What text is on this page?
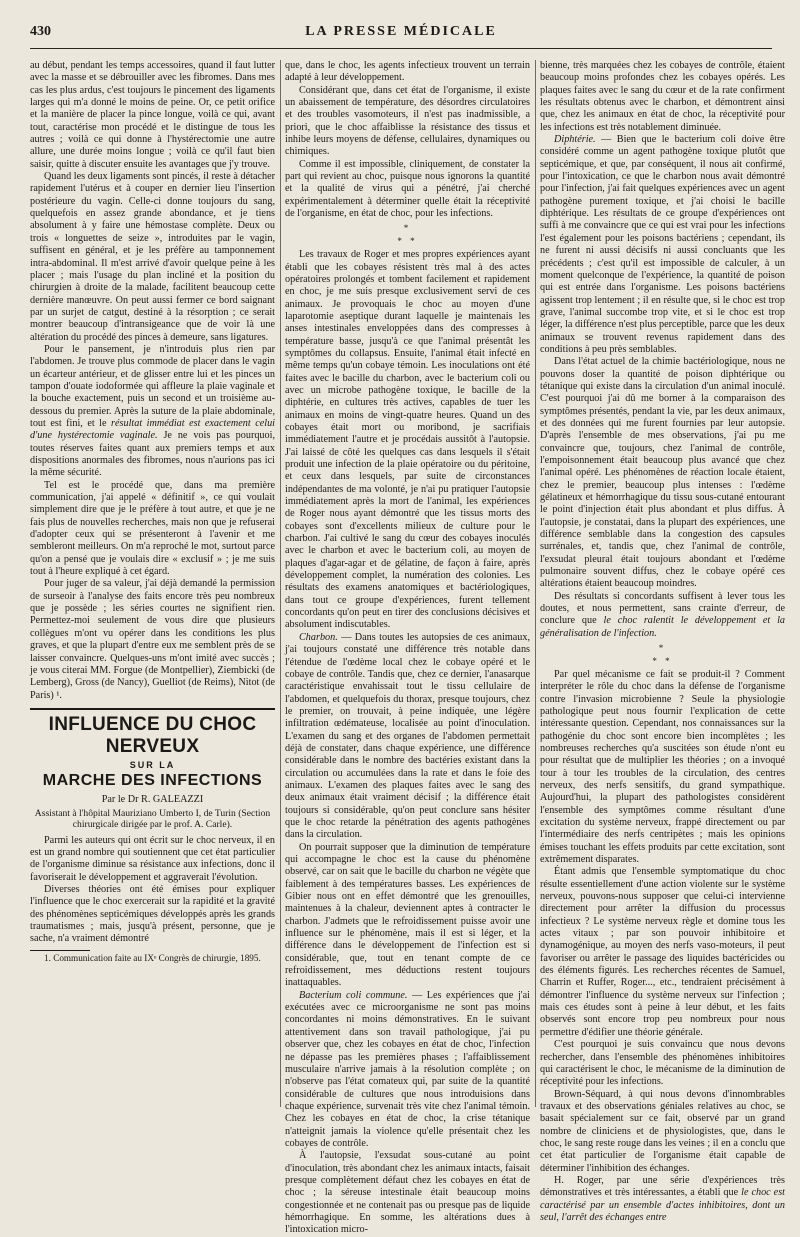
430	LA PRESSE MÉDICALE

au début, pendant les temps accessoires, quand il faut lutter avec la masse et se débrouiller avec les fibromes. Dans mes cas les plus ardus, c'est toujours le pincement des ligaments larges qui m'a donné le moins de peine. Or, ce petit orifice et la manière de placer la pince longue, voilà ce qui, avant tout, caractérise mon procédé et le distingue de tous les autres ; voilà ce qui donne à l'hystérectomie une autre allure, une durée moins longue ; voilà ce qu'il faut bien saisir, quitte à discuter ensuite les avantages que j'y trouve.

Quand les deux ligaments sont pincés, il reste à détacher rapidement l'utérus et à couper en dernier lieu l'insertion postérieure du vagin. Celle-ci donne toujours du sang, quelquefois en assez grande abondance, et je tiens absolument à y faire une hémostase complète. Deux ou trois « longuettes de seize », introduites par le vagin, suffisent en général, et je les préfère au tamponnement intra-abdominal. Il m'est arrivé d'avoir quelque peine à les placer ; mais l'usage du plan incliné et la position du chirurgien à droite de la malade, facilitent beaucoup cette dernière manœuvre. On peut aussi fermer ce bord saignant par un surjet de catgut, destiné à la résorption ; ce serait montrer beaucoup d'intransigeance que de voir là une altération du procédé des pinces à demeure, sans ligatures.

Pour le pansement, je n'introduis plus rien par l'abdomen. Je trouve plus commode de placer dans le vagin un écarteur antérieur, et de glisser entre lui et les pinces un tampon d'ouate iodoformée qui affleure la plaie vaginale et la bouche exactement, puis un second et un troisième au-dessous du premier. Après la suture de la plaie abdominale, tout est fini, et le résultat immédiat est exactement celui d'une hystérectomie vaginale. Je ne vois pas pourquoi, toutes réserves faites quant aux premiers temps et aux dispositions anormales des fibromes, nous n'aurions pas ici la même sécurité.

Tel est le procédé que, dans ma première communication, j'ai appelé « définitif », ce qui voulait simplement dire que je le préfère à tout autre, et que je ne fais plus de nouvelles recherches, mais non que je refuserai d'adopter ceux qui se présenteront à l'avenir et me sembleront meilleurs. On m'a reproché le mot, surtout parce qu'on a pensé que je voulais dire « exclusif » ; je me suis tout à l'heure expliqué à cet égard.

Pour juger de sa valeur, j'ai déjà demandé la permission de surseoir à l'analyse des faits encore très peu nombreux que je possède ; les séries courtes ne signifient rien. Permettez-moi seulement de vous dire que plusieurs collègues m'ont vu opérer dans les conditions les plus graves, et que la plupart d'entre eux me semblent près de se laisser convaincre. Quelques-uns m'ont imité avec succès ; je vous citerai MM. Forgue (de Montpellier), Ziembicki (de Lemberg), Gross (de Nancy), Guelliot (de Reims), Nitot (de Paris) ¹.

INFLUENCE DU CHOC NERVEUX
SUR LA
MARCHE DES INFECTIONS
Par le Dr R. GALEAZZI
Assistant à l'hôpital Mauriziano Umberto I, de Turin (Section chirurgicale dirigée par le prof. A. Carle).

Parmi les auteurs qui ont écrit sur le choc nerveux, il en est un grand nombre qui soutiennent que cet état particulier de l'organisme diminue sa résistance aux infections, donc il favoriserait le développement et aggraverait l'évolution.

Diverses théories ont été émises pour expliquer l'influence que le choc exercerait sur la rapidité et la gravité des phénomènes septicémiques développés après les grands traumatismes ; mais, jusqu'à présent, personne, que je sache, n'a vraiment démontré

1. Communication faite au IXᵉ Congrès de chirurgie, 1895.

que, dans le choc, les agents infectieux trouvent un terrain adapté à leur développement.

Considérant que, dans cet état de l'organisme, il existe un abaissement de température, des désordres circulatoires et des troubles vasomoteurs, il n'est pas inadmissible, a priori, que le choc affaiblisse la résistance des tissus et inhibe leurs moyens de défense, cellulaires, dynamiques ou chimiques.

Comme il est impossible, cliniquement, de constater la part qui revient au choc, puisque nous ignorons la quantité et la qualité de virus qui a pénétré, j'ai cherché expérimentalement à déterminer quelle était la réceptivité de l'organisme, en état de choc, pour les infections.

*
* *

Les travaux de Roger et mes propres expériences ayant établi que les cobayes résistent très mal à des actes opératoires prolongés et tombent facilement et rapidement en choc, je me suis presque exclusivement servi de ces animaux. Je provoquais le choc au moyen d'une laparotomie aseptique durant laquelle je maintenais les anses intestinales enveloppées dans des compresses à température basse, jusqu'à ce que l'animal présentât les symptômes du collapsus. Ensuite, l'animal était infecté en même temps qu'un cobaye témoin. Les inoculations ont été faites avec le bacille du charbon, avec le bacterium coli ou avec un microbe pathogène toxique, le bacille de la diphtérie, en cultures très actives, capables de tuer les animaux en moins de vingt-quatre heures. Quand un des cobayes était mort ou moribond, je sacrifiais immédiatement l'autre et je procédais aussitôt à l'autopsie. J'ai laissé de côté les quelques cas dans lesquels il s'était produit une infection de la plaie opératoire ou du péritoine, et ceux dans lesquels, par suite de circonstances indépendantes de ma volonté, je n'ai pu pratiquer l'autopsie immédiatement après la mort de l'animal, les expériences de Roger nous ayant démontré que les tissus morts des cobayes sont d'excellents milieux de culture pour le charbon. J'ai cultivé le sang du cœur des cobayes inoculés avec le charbon et avec le bacterium coli, au moyen de plaques d'agar-agar et de gélatine, de façon à faire, après développement complet, la numération des colonies. Les résultats des examens anatomiques et bactériologiques, dans tout ce groupe d'expériences, furent tellement concordants qu'on peut en tirer des conclusions décisives et absolument indiscutables.

Charbon. — Dans toutes les autopsies de ces animaux, j'ai toujours constaté une différence très notable dans l'étendue de l'œdème local chez le cobaye opéré et le cobaye de contrôle. Tandis que, chez ce dernier, l'anasarque caractéristique envahissait tout le tissu cellulaire de l'abdomen, et quelquefois du thorax, presque toujours, chez le premier, on trouvait, à peine indiquée, une légère infiltration œdémateuse, localisée au point d'inoculation. L'examen du sang et des organes de l'abdomen permettait déjà de constater, dans chaque expérience, une différence considérable dans le nombre des bactéries existant dans la circulation ou accumulées dans la rate et dans le foie des animaux. L'examen des plaques faites avec le sang des deux animaux était vraiment décisif ; la différence était toujours si considérable, qu'on peut conclure sans hésiter que le choc retarde la pénétration des agents pathogènes dans la circulation.

On pourrait supposer que la diminution de température qui accompagne le choc est la cause du phénomène observé, car on sait que le bacille du charbon ne végète que faiblement à des températures basses. Les expériences de Gibier nous ont en effet démontré que les grenouilles, maintenues à la chaleur, deviennent aptes à contracter le charbon. J'admets que le refroidissement puisse avoir une influence sur le phénomène, mais il est si léger, et la différence dans le développement de l'infection est si considérable, que, tout en tenant compte de ce refroidissement, mes déductions restent toujours inattaquables.

Bacterium coli commune. — Les expériences que j'ai exécutées avec ce microorganisme ne sont pas moins concordantes ni moins démonstratives. En le suivant attentivement dans son travail pathologique, j'ai pu observer que, chez les cobayes en état de choc, l'infection ne dépasse pas les premières phases ; l'affaiblissement musculaire n'arrive jamais à la résolution complète ; on n'observe pas l'état comateux qui, par suite de la quantité considérable de cultures que nous introduisions dans chaque expérience, survenait très vite chez l'animal témoin. Chez les cobayes en état de choc, la crise tétanique n'atteignit jamais la violence qu'elle présentait chez les cobayes de contrôle.

À l'autopsie, l'exsudat sous-cutané au point d'inoculation, très abondant chez les animaux intacts, faisait presque complètement défaut chez les cobayes en état de choc ; la séreuse intestinale était beaucoup moins congestionnée et ne contenait pas ou presque pas de liquide hémorrhagique. En somme, les altérations dues à l'intoxication micro-

bienne, très marquées chez les cobayes de contrôle, étaient beaucoup moins profondes chez les cobayes opérés. Les plaques faites avec le sang du cœur et de la rate confirment les résultats obtenus avec le charbon, et démontrent ainsi que, chez les animaux en état de choc, la réceptivité pour les infections est très notablement diminuée.

Diphtérie. — Bien que le bacterium coli doive être considéré comme un agent pathogène toxique plutôt que septicémique, et que, par conséquent, il nous ait confirmé, pour l'intoxication, ce que le charbon nous avait démontré pour l'infection, j'ai fait quelques expériences avec un agent pathogène purement toxique, et j'ai choisi le bacille diphtérique. Les résultats de ce groupe d'expériences ont suffi à me convaincre que ce qui est vrai pour les infections l'est également pour les poisons bactériens ; cependant, ils ne furent ni aussi décisifs ni aussi concluants que les précédents ; c'est qu'il est impossible de calculer, à un moment quelconque de l'expérience, la quantité de poison qui est entrée dans l'organisme. Les poisons bactériens agissent trop lentement ; il en résulte que, si le choc est trop grave, l'animal succombe trop vite, et si le choc est trop léger, la différence n'est plus perceptible, parce que les deux animaux se trouvent revenus rapidement dans des conditions à peu près semblables.

Dans l'état actuel de la chimie bactériologique, nous ne pouvons doser la quantité de poison diphtérique ou tétanique qui existe dans la circulation d'un animal inoculé. C'est pourquoi j'ai dû me borner à la comparaison des symptômes présentés, pendant la vie, par les deux animaux, et des données qui me furent fournies par leur autopsie. D'après l'ensemble de mes observations, j'ai pu me convaincre que, toujours, chez l'animal de contrôle, l'empoisonnement était beaucoup plus avancé que chez l'animal opéré. Les phénomènes de réaction locale étaient, chez le premier, beaucoup plus intenses : l'œdème gélatineux et hémorrhagique du tissu sous-cutané entourant le point d'injection était plus abondant et plus diffus. À l'autopsie, je constatai, dans la plupart des expériences, une différence semblable dans la congestion des capsules surrénales, et, tandis que, chez l'animal de contrôle, l'exsudat pleural était toujours abondant et l'œdème pulmonaire souvent diffus, chez le cobaye opéré ces altérations étaient beaucoup moindres.

Des résultats si concordants suffisent à lever tous les doutes, et nous permettent, sans crainte d'erreur, de conclure que le choc ralentit le développement et la généralisation de l'infection.

*
* *

Par quel mécanisme ce fait se produit-il ? Comment interpréter le rôle du choc dans la défense de l'organisme contre l'invasion microbienne ? Seule la physiologie pathologique peut nous fournir l'explication de cette intéressante question. Cependant, nos connaissances sur la pathogénie du choc sont encore bien incomplètes ; les nombreuses recherches qu'a suscitées son étude n'ont eu pour résultat que de multiplier les théories ; on a invoqué tour à tour les troubles de la circulation, des centres nerveux, des nerfs sensitifs, du grand sympathique. Aujourd'hui, la plupart des pathologistes considèrent l'ensemble des symptômes comme résultant d'une excitation du système nerveux, frappé directement ou par l'intermédiaire des nerfs centripètes ; mais les opinions émises touchant les effets produits par cette excitation, sont extrêmement disparates.

Étant admis que l'ensemble symptomatique du choc résulte essentiellement d'une action violente sur le système nerveux, pouvons-nous supposer que celui-ci intervienne directement pour arrêter la diffusion du processus infectieux ? Le système nerveux règle et domine tous les actes vitaux ; par son pouvoir inhibitoire et dynamogénique, au moyen des nerfs vaso-moteurs, il peut favoriser ou arrêter le passage des liquides bactéricides ou des éléments figurés. Les recherches récentes de Samuel, Charrin et Ruffer, Roger..., etc., tendraient précisément à démontrer l'influence du système nerveux sur l'infection ; mais ces études sont à peine à leur début, et les faits observés sont encore trop peu nombreux pour nous permettre d'édifier une théorie générale.

C'est pourquoi je suis convaincu que nous devons rechercher, dans l'ensemble des phénomènes inhibitoires qui caractérisent le choc, le mécanisme de la diminution de réceptivité pour les infections.

Brown-Séquard, à qui nous devons d'innombrables travaux et des observations géniales relatives au choc, se basait spécialement sur ce fait, observé par un grand nombre de cliniciens et de physiologistes, que, dans le choc, le sang reste rouge dans les veines ; il en a conclu que cet état particulier de l'organisme était capable de déterminer l'inhibition des échanges.

H. Roger, par une série d'expériences très démonstratives et très intéressantes, a établi que le choc est caractérisé par un ensemble d'actes inhibitoires, dont un seul, l'arrêt des échanges entre
